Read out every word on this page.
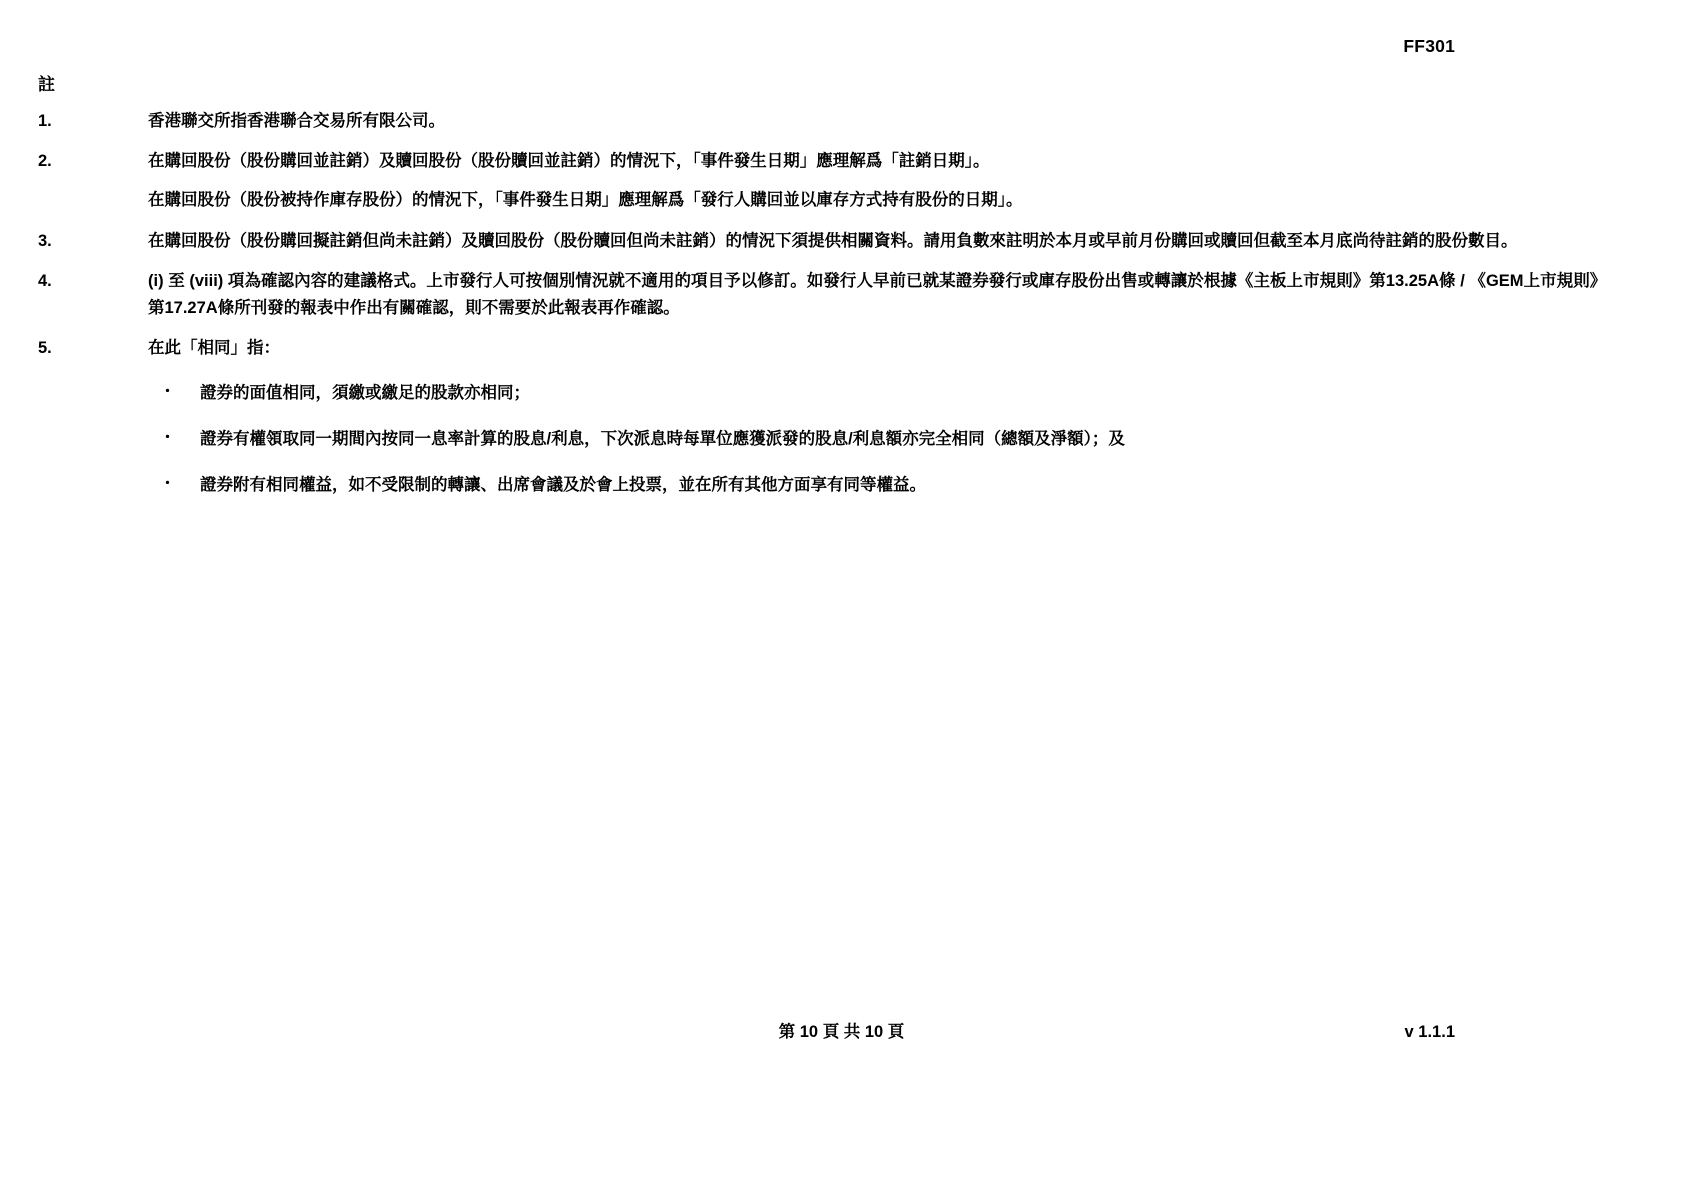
FF301
註
1.	香港聯交所指香港聯合交易所有限公司。

2.	在購回股份（股份購回並註銷）及贖回股份（股份贖回並註銷）的情況下，「事件發生日期」應理解爲「註銷日期」。

在購回股份（股份被持作庫存股份）的情況下，「事件發生日期」應理解爲「發行人購回並以庫存方式持有股份的日期」。

3.	在購回股份（股份購回擬註銷但尚未註銷）及贖回股份（股份贖回但尚未註銷）的情況下須提供相關資料。請用負數來註明於本月或早前月份購回或贖回但截至本月底尚待註銷的股份數目。

4.	(i) 至 (viii) 項為確認內容的建議格式。上市發行人可按個別情況就不適用的項目予以修訂。如發行人早前已就某證券發行或庫存股份出售或轉讓於根據《主板上市規則》第13.25A條 / 《GEM上市規則》第17.27A條所刊發的報表中作出有關確認，則不需要於此報表再作確認。

5.	在此「相同」指：

・	證券的面值相同，須繳或繳足的股款亦相同；
・	證券有權領取同一期間內按同一息率計算的股息/利息，下次派息時每單位應獲派發的股息/利息額亦完全相同（總額及淨額）；及
・	證券附有相同權益，如不受限制的轉讓、出席會議及於會上投票，並在所有其他方面享有同等權益。
第 10 頁 共 10 頁	v 1.1.1
